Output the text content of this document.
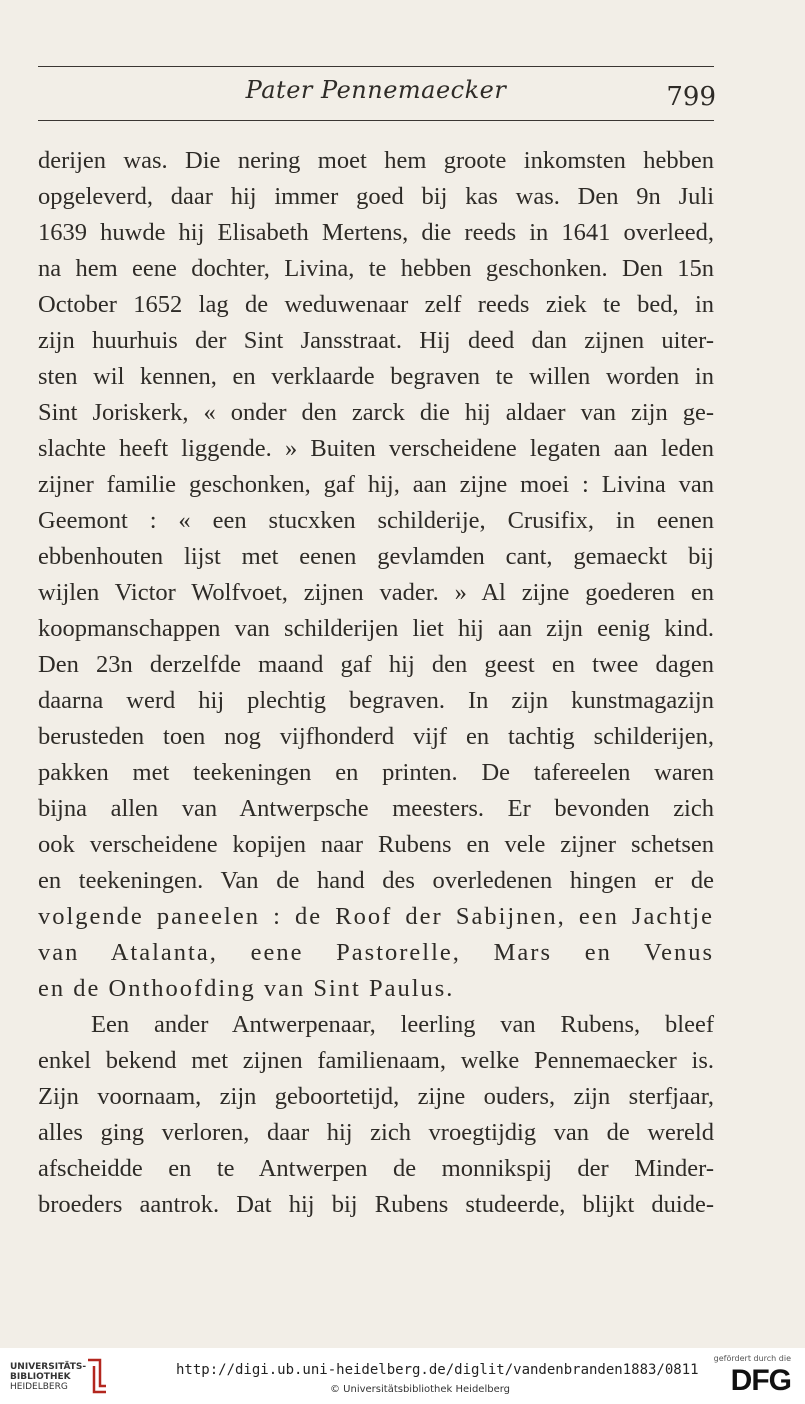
Pater Pennemaecker	799
derijen was. Die nering moet hem groote inkomsten hebben
opgeleverd, daar hij immer goed bij kas was. Den 9n Juli
1639 huwde hij Elisabeth Mertens, die reeds in 1641 overleed,
na hem eene dochter, Livina, te hebben geschonken. Den 15n
October 1652 lag de weduwenaar zelf reeds ziek te bed, in
zijn huurhuis der Sint Jansstraat. Hij deed dan zijnen uiter-
sten wil kennen, en verklaarde begraven te willen worden in
Sint Joriskerk, « onder den zarck die hij aldaer van zijn ge-
slachte heeft liggende. » Buiten verscheidene legaten aan leden
zijner familie geschonken, gaf hij, aan zijne moei : Livina van
Geemont : « een stucxken schilderije, Crusifix, in eenen
ebbenhouten lijst met eenen gevlamden cant, gemaeckt bij
wijlen Victor Wolfvoet, zijnen vader. » Al zijne goederen en
koopmanschappen van schilderijen liet hij aan zijn eenig kind.
Den 23n derzelfde maand gaf hij den geest en twee dagen
daarna werd hij plechtig begraven. In zijn kunstmagazijn
berusteden toen nog vijfhonderd vijf en tachtig schilderijen,
pakken met teekeningen en printen. De tafereelen waren
bijna allen van Antwerpsche meesters. Er bevonden zich
ook verscheidene kopijen naar Rubens en vele zijner schetsen
en teekeningen. Van de hand des overledenen hingen er de
volgende paneelen : de Roof der Sabijnen, een Jachtje
van Atalanta, eene Pastorelle, Mars en Venus
en de Onthoofding van Sint Paulus.
Een ander Antwerpenaar, leerling van Rubens, bleef
enkel bekend met zijnen familienaam, welke Pennemaecker is.
Zijn voornaam, zijn geboortetijd, zijne ouders, zijn sterfjaar,
alles ging verloren, daar hij zich vroegtijdig van de wereld
afscheidde en te Antwerpen de monnikspij der Minder-
broeders aantrok. Dat hij bij Rubens studeerde, blijkt duide-
UNIVERSITÄTS-
BIBLIOTHEK
HEIDELBERG
http://digi.ub.uni-heidelberg.de/diglit/vandenbranden1883/0811
© Universitätsbibliothek Heidelberg
gefördert durch die
DFG
